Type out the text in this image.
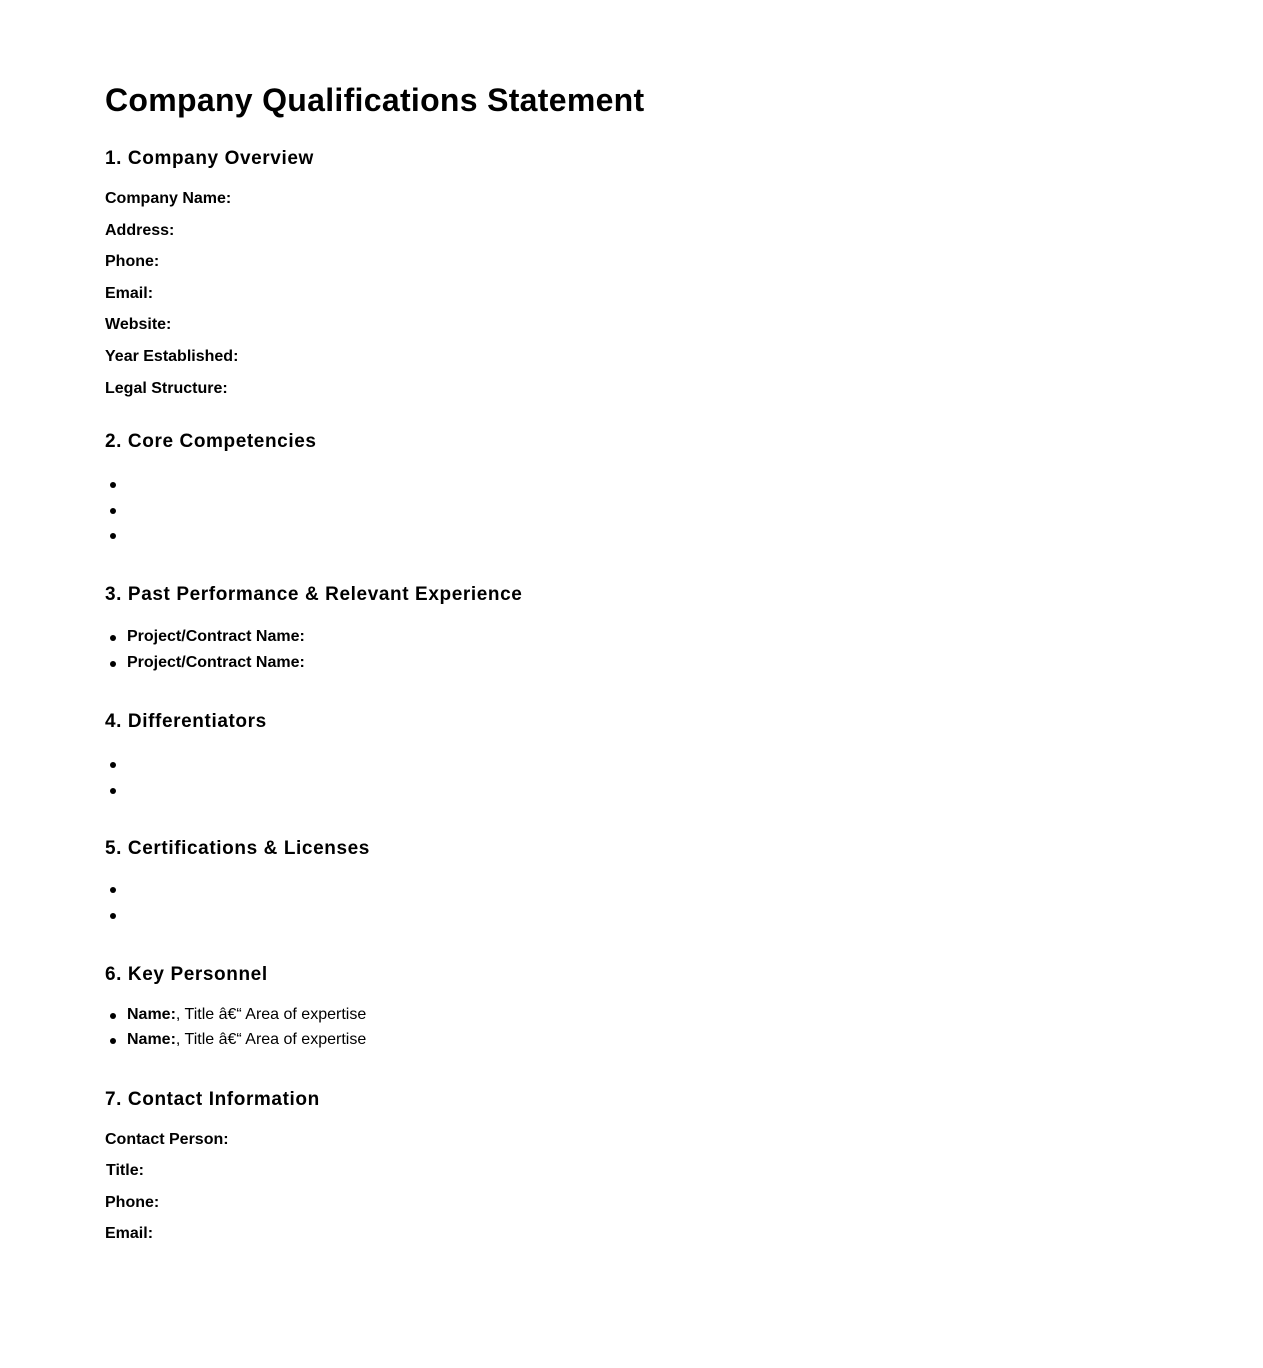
Company Qualifications Statement
1. Company Overview
Company Name:
Address:
Phone:
Email:
Website:
Year Established:
Legal Structure:
2. Core Competencies
3. Past Performance & Relevant Experience
Project/Contract Name:
Project/Contract Name:
4. Differentiators
5. Certifications & Licenses
6. Key Personnel
Name:, Title â€“ Area of expertise
Name:, Title â€“ Area of expertise
7. Contact Information
Contact Person:
Title:
Phone:
Email:
